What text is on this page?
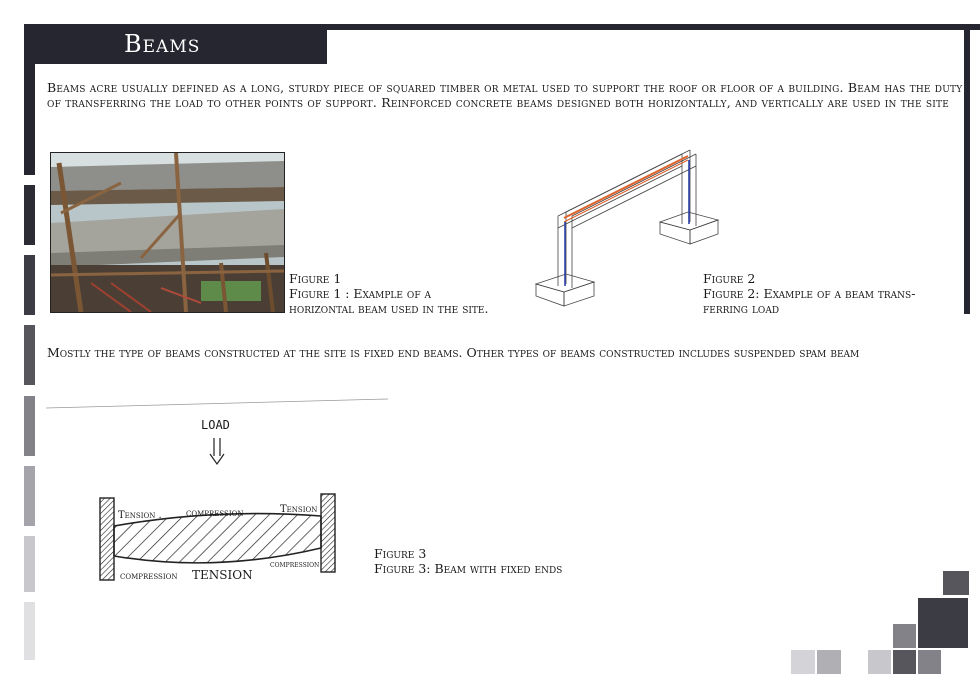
Beams
Beams acre usually defined as a long, sturdy piece of squared timber or metal used to support the roof or floor of a building. Beam has the duty of transferring the load to other points of support. Reinforced concrete beams designed both horizontally, and vertically are used in the site
Figure 1
Figure 1 : Example of a
horizontal beam used in the site.
Figure 2
Figure 2: Example of a beam trans-
ferring load
Mostly the type of beams constructed at the site is fixed end beams. Other types of beams constructed includes suspended spam beam
LOAD
Tension . compression	Tension
compression TENSION
compression
Figure 3
Figure 3: Beam with fixed ends
